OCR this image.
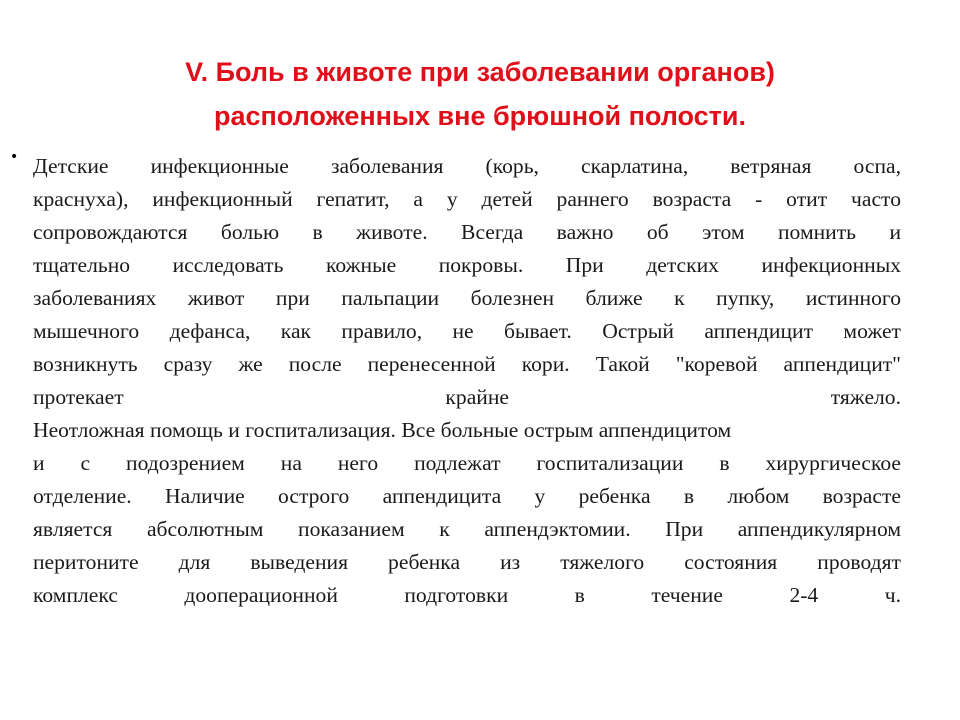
V. Боль в животе при заболевании органов)
расположенных вне брюшной полости.
• Детские инфекционные заболевания (корь, скарлатина, ветряная оспа,
краснуха), инфекционный гепатит, а у детей раннего возраста - отит часто
сопровождаются болью в животе. Всегда важно об этом помнить и
тщательно исследовать кожные покровы. При детских инфекционных
заболеваниях живот при пальпации болезнен ближе к пупку, истинного
мышечного дефанса, как правило, не бывает. Острый аппендицит может
возникнуть сразу же после перенесенной кори. Такой "коревой аппендицит"
протекает крайне тяжело.
Неотложная помощь и госпитализация. Все больные острым аппендицитом
и с подозрением на него подлежат госпитализации в хирургическое
отделение. Наличие острого аппендицита у ребенка в любом возрасте
является абсолютным показанием к аппендэктомии. При аппендикулярном
перитоните для выведения ребенка из тяжелого состояния проводят
комплекс дооперационной подготовки в течение 2-4 ч.
